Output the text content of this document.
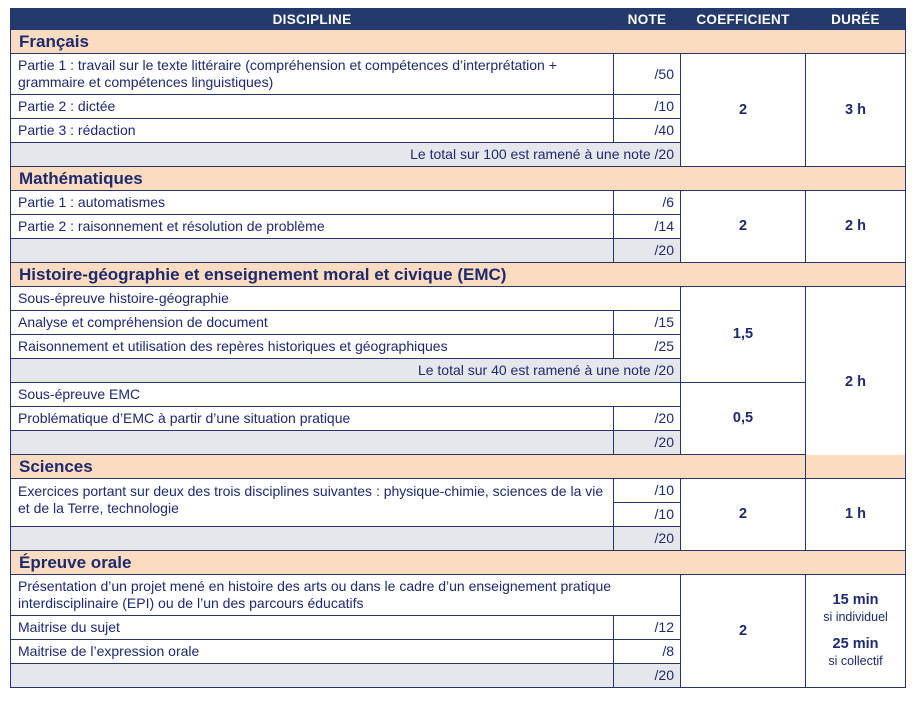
DISCIPLINE	NOTE	COEFFICIENT	DURÉE
Français			
Partie 1 : travail sur le texte littéraire (compréhension et compétences d’interprétation + grammaire et compétences linguistiques)	/50	2	3 h
Partie 2 : dictée	/10		
Partie 3 : rédaction	/40		
Le total sur 100 est ramené à une note /20			
Mathématiques			
Partie 1 : automatismes	/6	2	2 h
Partie 2 : raisonnement et résolution de problème	/14		
	/20		
Histoire-géographie et enseignement moral et civique (EMC)			
Sous-épreuve histoire-géographie		1,5	2 h
Analyse et compréhension de document	/15		
Raisonnement et utilisation des repères historiques et géographiques	/25		
Le total sur 40 est ramené à une note /20			
Sous-épreuve EMC		0,5	
Problématique d’EMC à partir d’une situation pratique	/20		
	/20		
Sciences			
Exercices portant sur deux des trois disciplines suivantes : physique-chimie, sciences de la vie et de la Terre, technologie	/10	2	1 h
	/10		
	/20		
Épreuve orale			
Présentation d’un projet mené en histoire des arts ou dans le cadre d’un enseignement pratique interdisciplinaire (EPI) ou de l’un des parcours éducatifs		2	15 min
si individuel
25 min
si collectif

Maitrise du sujet	/12		
Maitrise de l’expression orale	/8		
	/20		
